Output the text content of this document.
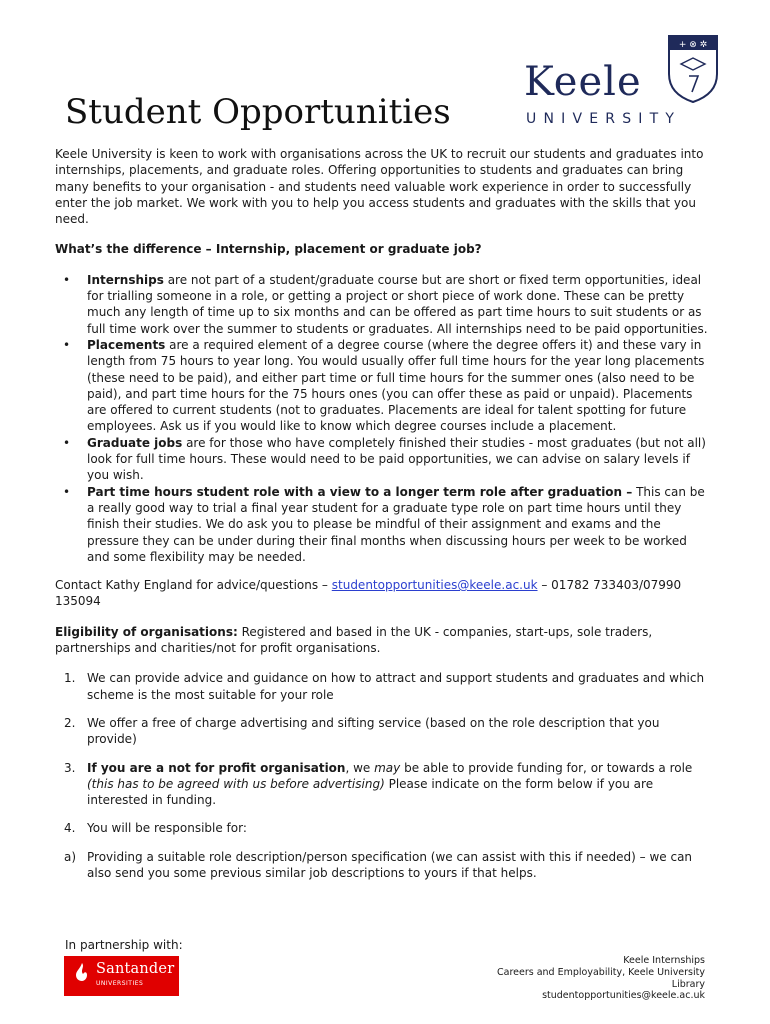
+ ⊗ ✲
Keele
UNIVERSITY
Student Opportunities

Keele University is keen to work with organisations across the UK to recruit our students and graduates into internships, placements, and graduate roles. Offering opportunities to students and graduates can bring many benefits to your organisation - and students need valuable work experience in order to successfully enter the job market. We work with you to help you access students and graduates with the skills that you need.

What’s the difference – Internship, placement or graduate job?

• Internships are not part of a student/graduate course but are short or fixed term opportunities, ideal for trialling someone in a role, or getting a project or short piece of work done. These can be pretty much any length of time up to six months and can be offered as part time hours to suit students or as full time work over the summer to students or graduates. All internships need to be paid opportunities.
• Placements are a required element of a degree course (where the degree offers it) and these vary in length from 75 hours to year long. You would usually offer full time hours for the year long placements (these need to be paid), and either part time or full time hours for the summer ones (also need to be paid), and part time hours for the 75 hours ones (you can offer these as paid or unpaid). Placements are offered to current students (not to graduates. Placements are ideal for talent spotting for future employees. Ask us if you would like to know which degree courses include a placement.
• Graduate jobs are for those who have completely finished their studies - most graduates (but not all) look for full time hours. These would need to be paid opportunities, we can advise on salary levels if you wish.
• Part time hours student role with a view to a longer term role after graduation – This can be a really good way to trial a final year student for a graduate type role on part time hours until they finish their studies. We do ask you to please be mindful of their assignment and exams and the pressure they can be under during their final months when discussing hours per week to be worked and some flexibility may be needed.

Contact Kathy England for advice/questions – studentopportunities@keele.ac.uk – 01782 733403/07990 135094

Eligibility of organisations: Registered and based in the UK - companies, start-ups, sole traders, partnerships and charities/not for profit organisations.

1. We can provide advice and guidance on how to attract and support students and graduates and which scheme is the most suitable for your role
2. We offer a free of charge advertising and sifting service (based on the role description that you provide)
3. If you are a not for profit organisation, we may be able to provide funding for, or towards a role (this has to be agreed with us before advertising) Please indicate on the form below if you are interested in funding.
4. You will be responsible for:
a) Providing a suitable role description/person specification (we can assist with this if needed) – we can also send you some previous similar job descriptions to yours if that helps.
In partnership with:
Santander
UNIVERSITIES
Keele Internships
Careers and Employability, Keele University
Library
studentopportunities@keele.ac.uk
